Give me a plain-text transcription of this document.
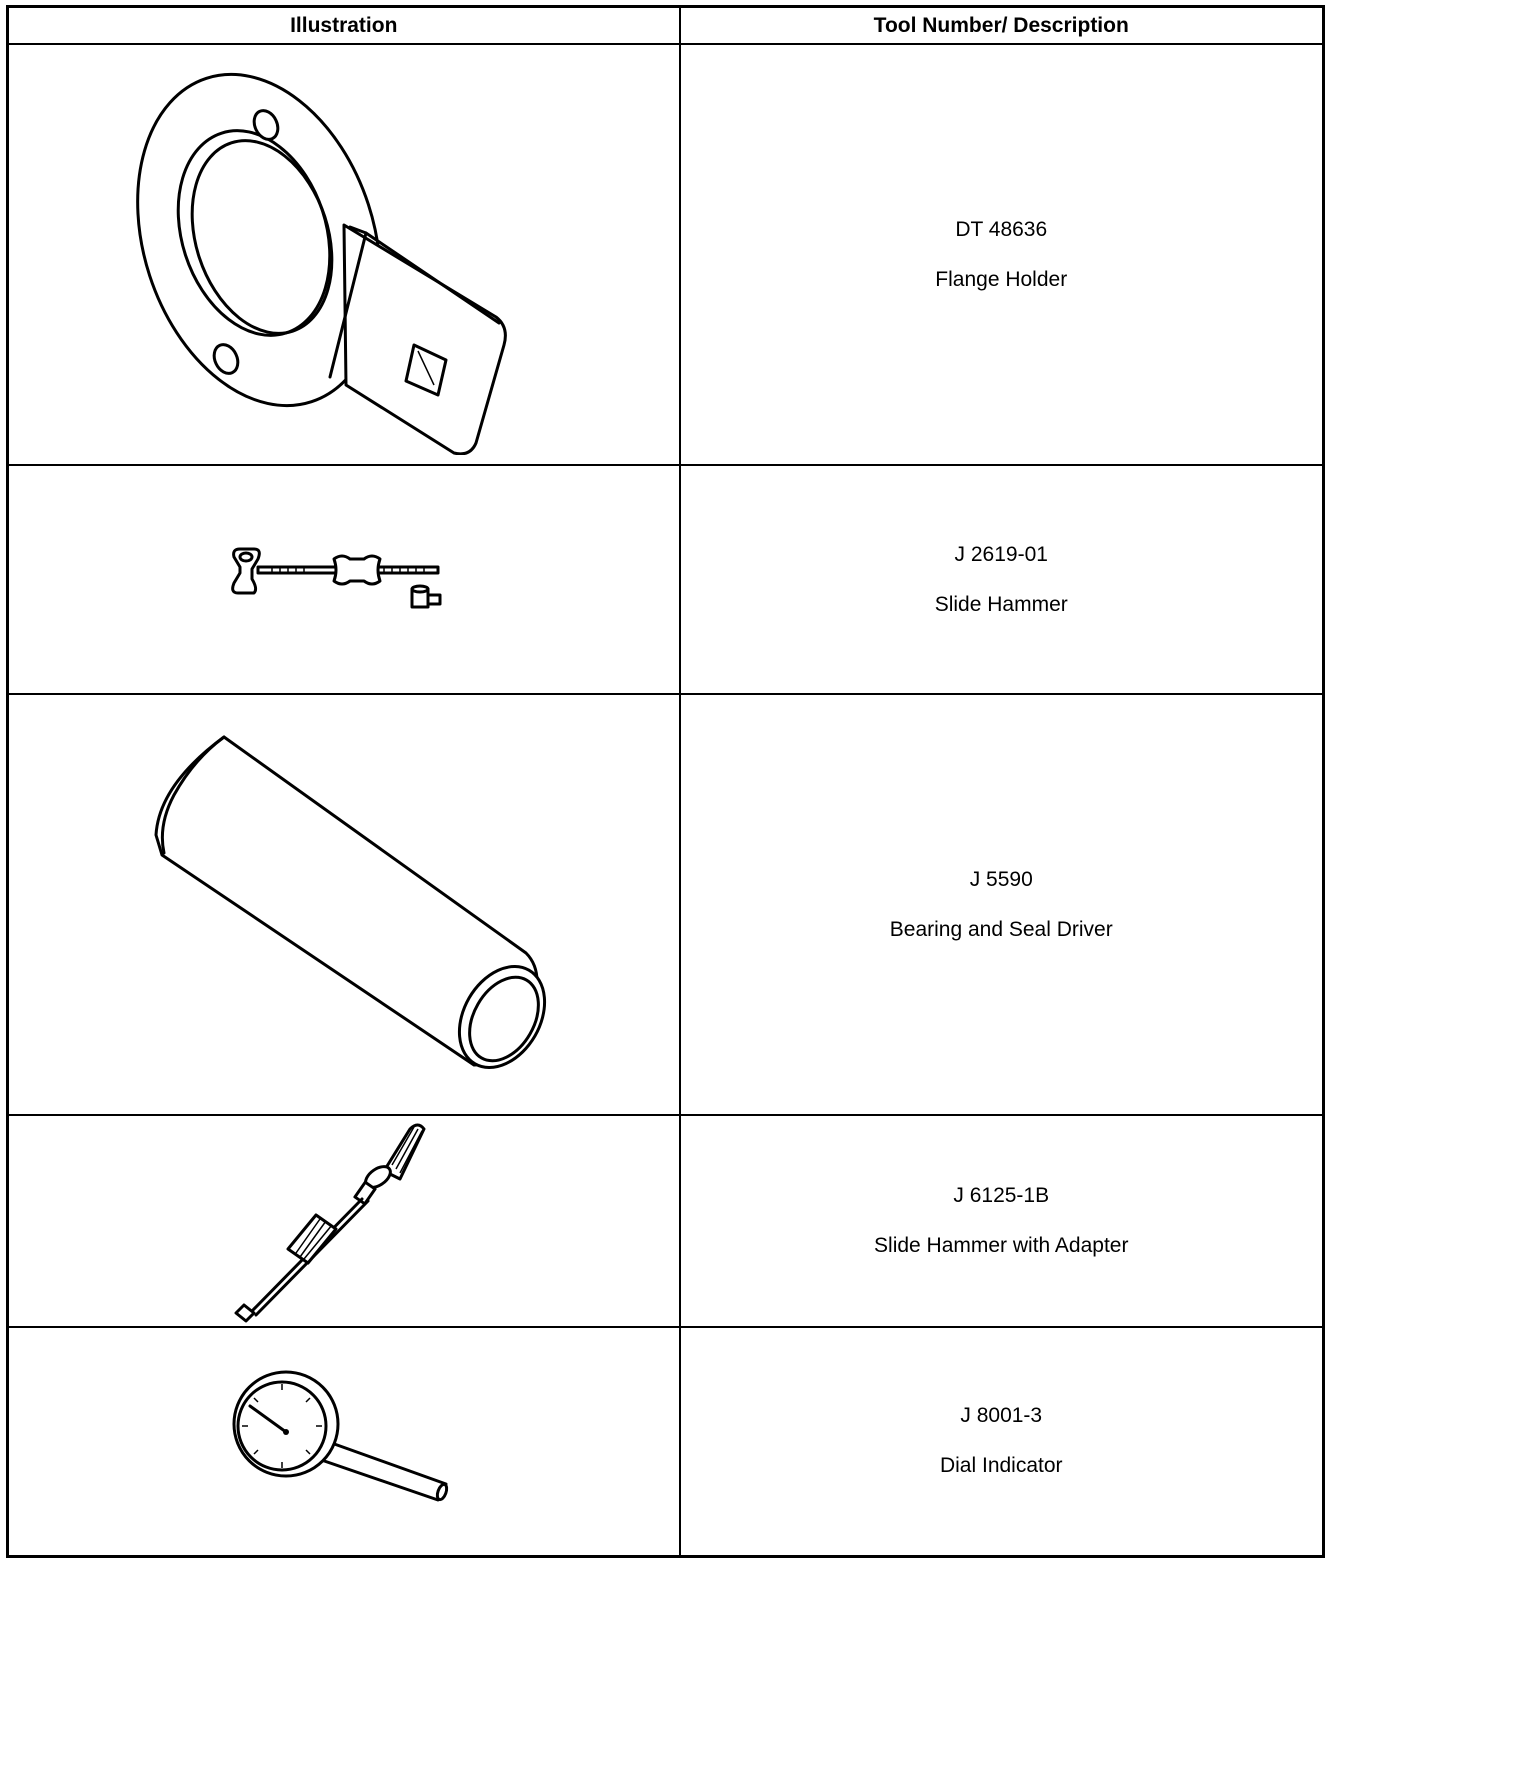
Illustration	Tool Number/ Description

DT 48636
Flange Holder

J 2619-01
Slide Hammer

J 5590
Bearing and Seal Driver

J 6125-1B
Slide Hammer with Adapter

J 8001-3
Dial Indicator
